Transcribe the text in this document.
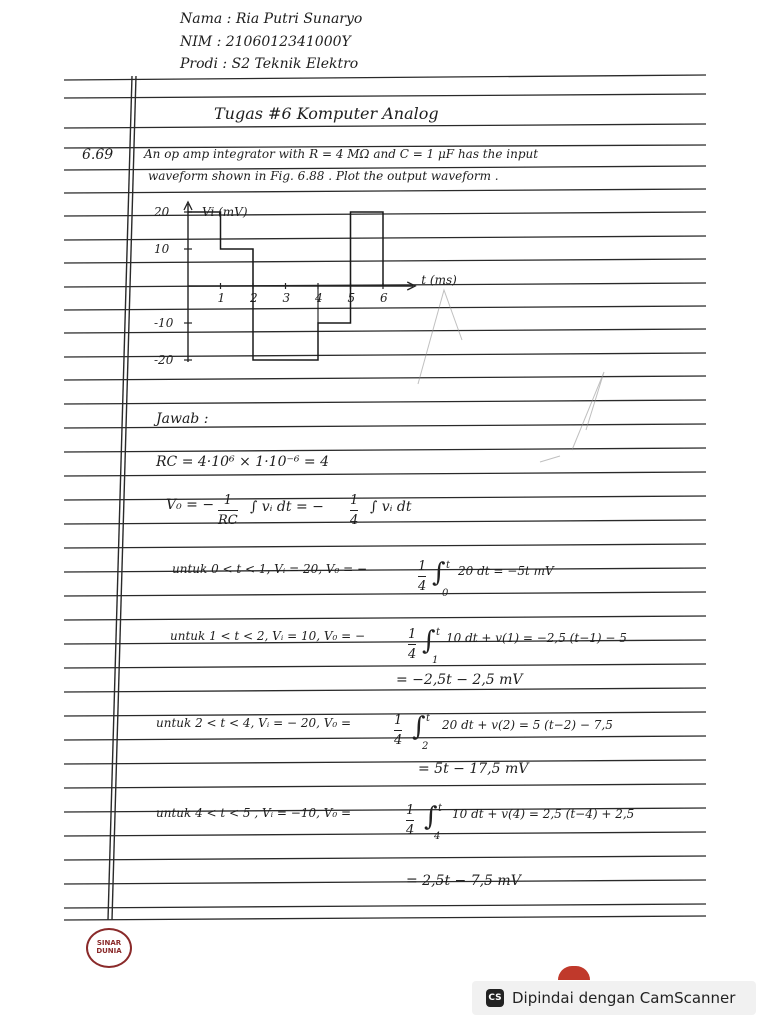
Nama : Ria Putri Sunaryo
NIM : 2106012341000Y
Prodi : S2 Teknik Elektro
Tugas #6 Komputer Analog
6.69	An op amp integrator with R = 4 MΩ and C = 1 μF has the input
waveform shown in Fig. 6.88 . Plot the output waveform .
Vi (mV)
t (ms)
1 2 3 4 5 6
20
10
-10
-20
Jawab :
RC = 4·10⁶ × 1·10⁻⁶ = 4
V₀ = − 1
RC
∫ vᵢ dt = − 1
4
∫ vᵢ dt
untuk 0 < t < 1, Vᵢ = 20, V₀ = −	1
4 ∫ t
0
20 dt = −5t mV
untuk 1 < t < 2, Vᵢ = 10, V₀ = −	1
4 ∫ t
1
10 dt + v(1) = −2,5 (t−1) − 5
= −2,5t − 2,5 mV
untuk 2 < t < 4, Vᵢ = − 20, V₀ =	1
4 ∫ t
2
20 dt + v(2) = 5 (t−2) − 7,5
= 5t − 17,5 mV
untuk 4 < t < 5 , Vᵢ = −10, V₀ =	1
4 ∫ t
4
10 dt + v(4) = 2,5 (t−4) + 2,5
= 2,5t − 7,5 mV
SINAR
DUNIA
CS Dipindai dengan CamScanner
